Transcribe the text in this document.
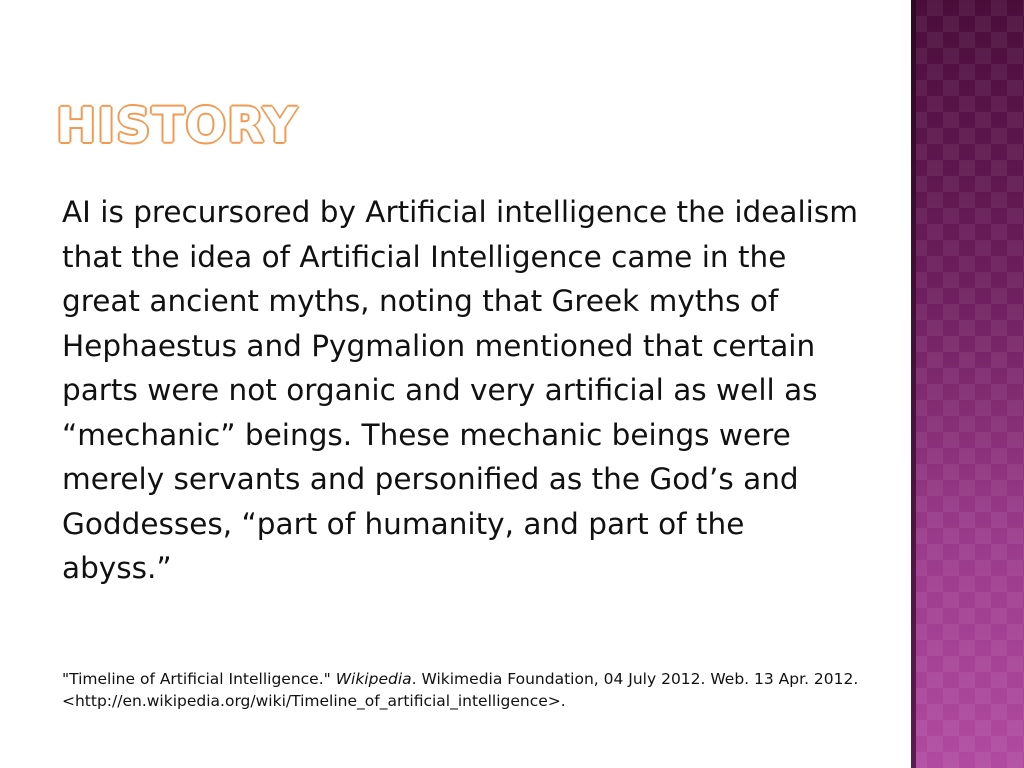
HISTORY

AI is precursored by Artificial intelligence the idealism that the idea of Artificial Intelligence came in the great ancient myths, noting that Greek myths of Hephaestus and Pygmalion mentioned that certain parts were not organic and very artificial as well as “mechanic” beings. These mechanic beings were merely servants and personified as the God’s and Goddesses, “part of humanity, and part of the abyss.”

"Timeline of Artificial Intelligence." Wikipedia. Wikimedia Foundation, 04 July 2012. Web. 13 Apr. 2012. <http://en.wikipedia.org/wiki/Timeline_of_artificial_intelligence>.
